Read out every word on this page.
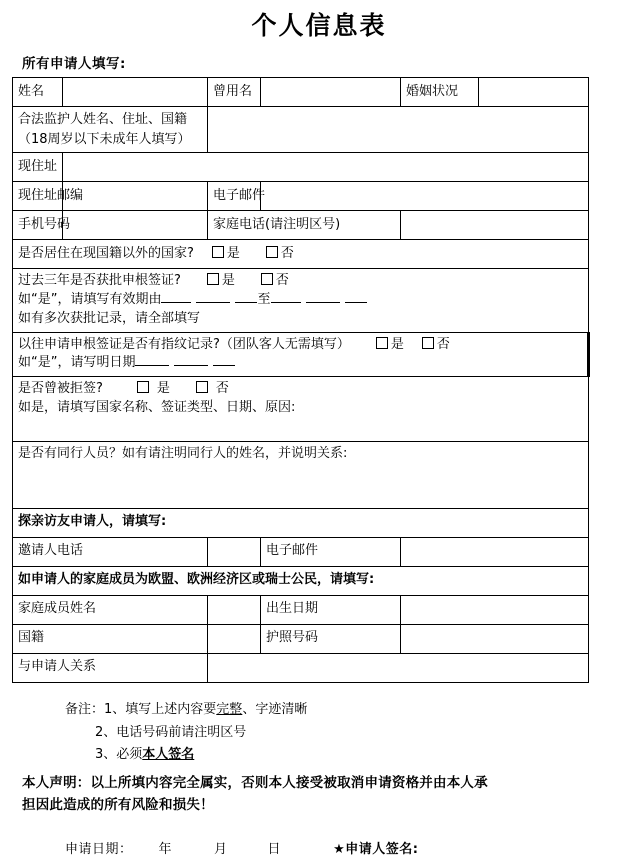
个人信息表
所有申请人填写:
姓名		曾用名		婚姻状况	

合法监护人姓名、住址、国籍
（18周岁以下未成年人填写）					

现住址					
现住址邮编		电子邮件			
手机号码		家庭电话(请注明区号)			
是否居住在现国籍以外的国家? 是 否					

过去三年是否获批申根签证? 是 否
如“是”，请填写有效期由 至
如有多次获批记录，请全部填写					

以往申请申根签证是否有指纹记录?（团队客人无需填写） 是 否
如“是”，请写明日期					

是否曾被拒签? 是 否
如是，请填写国家名称、签证类型、日期、原因:					

是否有同行人员？如有请注明同行人的姓名，并说明关系:					

探亲访友申请人，请填写:					
邀请人电话			电子邮件		
如申请人的家庭成员为欧盟、欧洲经济区或瑞士公民，请填写:					
家庭成员姓名			出生日期		
国籍			护照号码		
与申请人关系					
备注：1、填写上述内容要完整、字迹清晰
2、电话号码前请注明区号
3、必须本人签名
本人声明：以上所填内容完全属实，否则本人接受被取消申请资格并由本人承
担因此造成的所有风险和损失！
申请日期： 年	月	日	★申请人签名:
